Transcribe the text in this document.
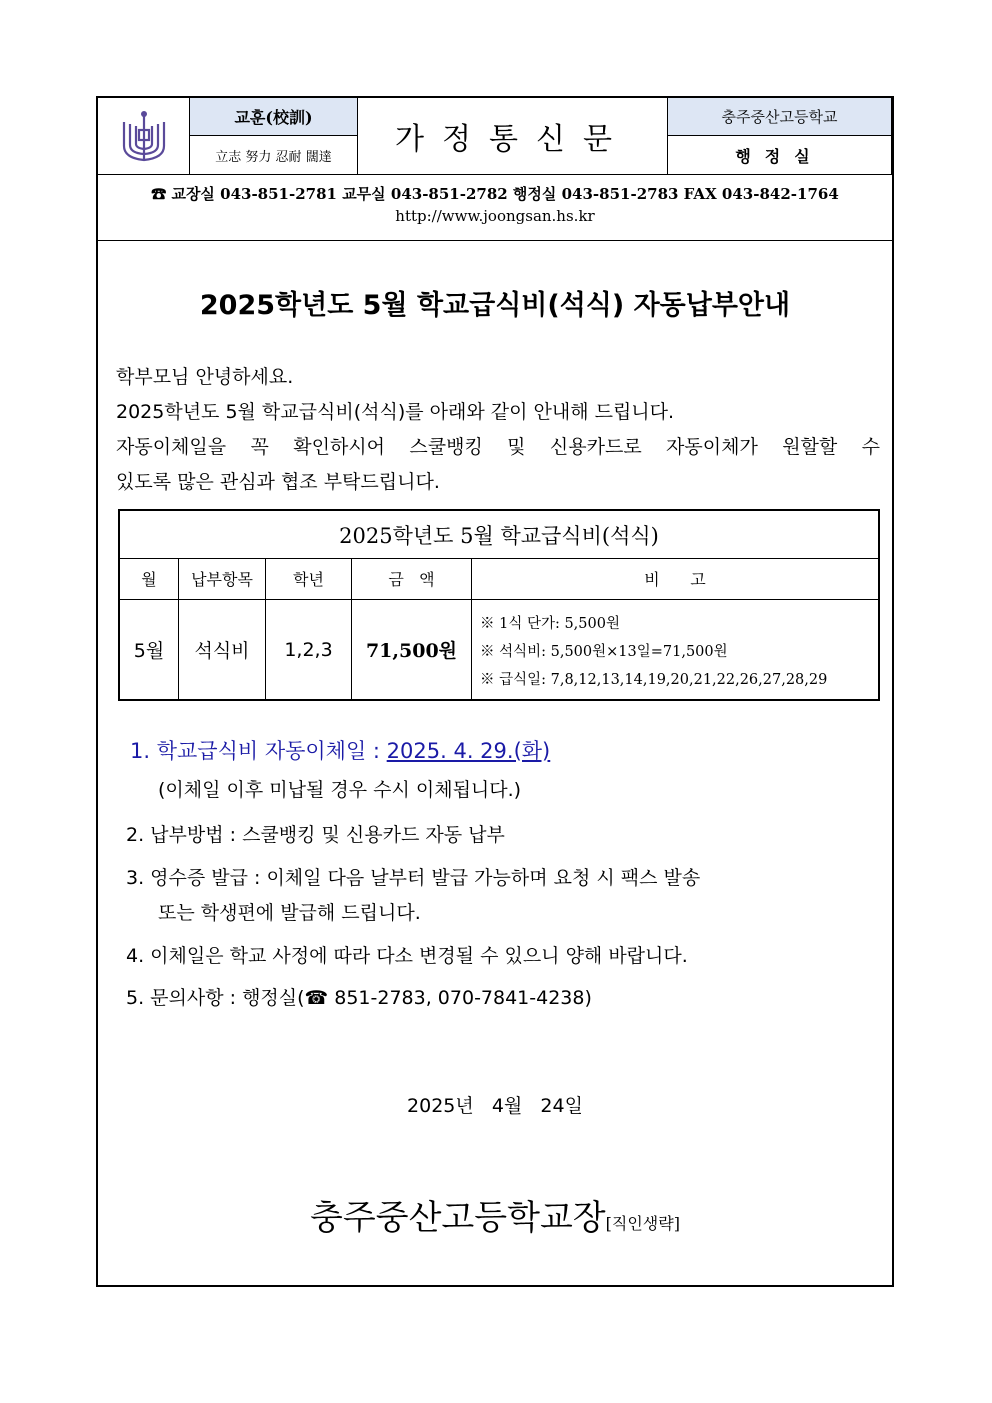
교훈(校訓)
立志 努力 忍耐 闊達	가정통신문
충주중산고등학교
행정실
☎ 교장실 043-851-2781 교무실 043-851-2782 행정실 043-851-2783 FAX 043-842-1764
http://www.joongsan.hs.kr
2025학년도 5월 학교급식비(석식) 자동납부안내
학부모님 안녕하세요.
2025학년도 5월 학교급식비(석식)를 아래와 같이 안내해 드립니다.
자동이체일을 꼭 확인하시어 스쿨뱅킹 및 신용카드로 자동이체가 원할할 수
있도록 많은 관심과 협조 부탁드립니다.
2025학년도 5월 학교급식비(석식)
월	납부항목	학년	금   액	비      고
5월	석식비	1,2,3	71,500원
※ 1식 단가: 5,500원
※ 석식비: 5,500원×13일=71,500원
※ 급식일: 7,8,12,13,14,19,20,21,22,26,27,28,29
1. 학교급식비 자동이체일 : 2025. 4. 29.(화)
(이체일 이후 미납될 경우 수시 이체됩니다.)
2. 납부방법 : 스쿨뱅킹 및 신용카드 자동 납부
3. 영수증 발급 : 이체일 다음 날부터 발급 가능하며 요청 시 팩스 발송
또는 학생편에 발급해 드립니다.
4. 이체일은 학교 사정에 따라 다소 변경될 수 있으니 양해 바랍니다.
5. 문의사항 : 행정실(☎ 851-2783, 070-7841-4238)
2025년   4월   24일
충주중산고등학교장[직인생략]
